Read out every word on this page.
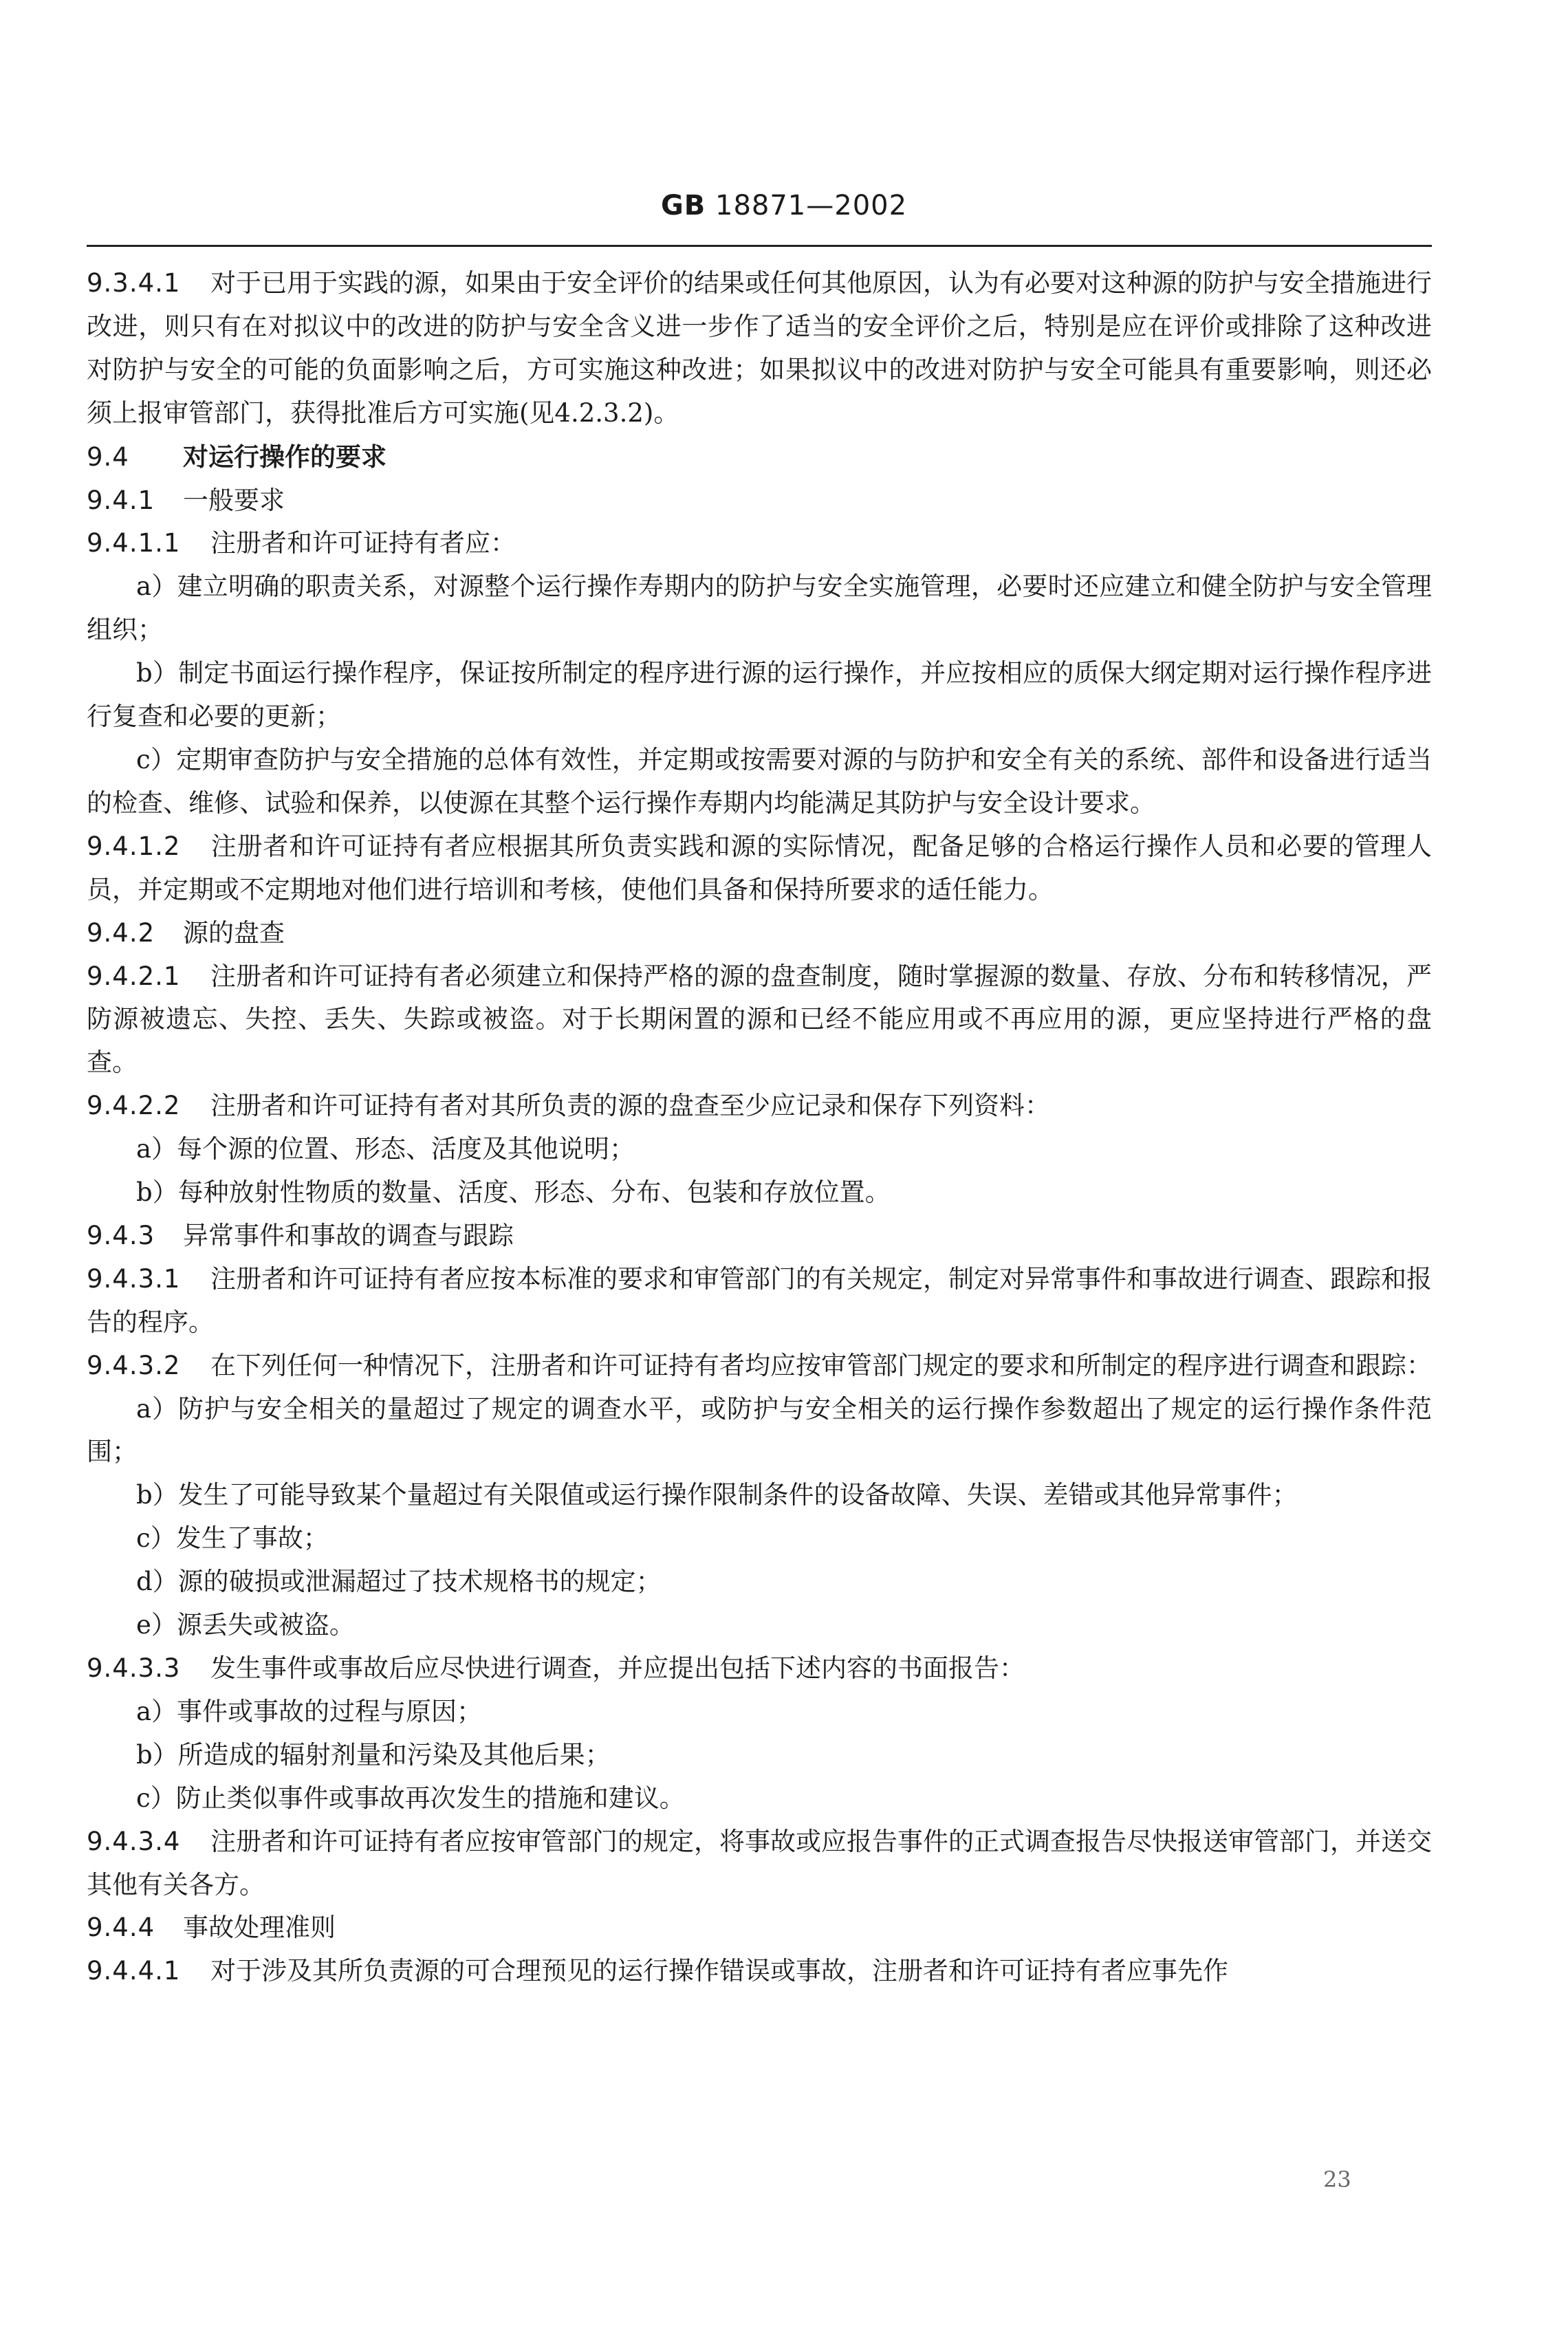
GB 18871—2002

9.3.4.1 对于已用于实践的源，如果由于安全评价的结果或任何其他原因，认为有必要对这种源的防护与安全措施进行改进，则只有在对拟议中的改进的防护与安全含义进一步作了适当的安全评价之后，特别是应在评价或排除了这种改进对防护与安全的可能的负面影响之后，方可实施这种改进；如果拟议中的改进对防护与安全可能具有重要影响，则还必须上报审管部门，获得批准后方可实施(见4.2.3.2)。

9.4 对运行操作的要求

9.4.1 一般要求

9.4.1.1 注册者和许可证持有者应：

a）建立明确的职责关系，对源整个运行操作寿期内的防护与安全实施管理，必要时还应建立和健全防护与安全管理组织；

b）制定书面运行操作程序，保证按所制定的程序进行源的运行操作，并应按相应的质保大纲定期对运行操作程序进行复查和必要的更新；

c）定期审查防护与安全措施的总体有效性，并定期或按需要对源的与防护和安全有关的系统、部件和设备进行适当的检查、维修、试验和保养，以使源在其整个运行操作寿期内均能满足其防护与安全设计要求。

9.4.1.2 注册者和许可证持有者应根据其所负责实践和源的实际情况，配备足够的合格运行操作人员和必要的管理人员，并定期或不定期地对他们进行培训和考核，使他们具备和保持所要求的适任能力。

9.4.2 源的盘查

9.4.2.1 注册者和许可证持有者必须建立和保持严格的源的盘查制度，随时掌握源的数量、存放、分布和转移情况，严防源被遗忘、失控、丢失、失踪或被盗。对于长期闲置的源和已经不能应用或不再应用的源，更应坚持进行严格的盘查。

9.4.2.2 注册者和许可证持有者对其所负责的源的盘查至少应记录和保存下列资料：

a）每个源的位置、形态、活度及其他说明；

b）每种放射性物质的数量、活度、形态、分布、包装和存放位置。

9.4.3 异常事件和事故的调查与跟踪

9.4.3.1 注册者和许可证持有者应按本标准的要求和审管部门的有关规定，制定对异常事件和事故进行调查、跟踪和报告的程序。

9.4.3.2 在下列任何一种情况下，注册者和许可证持有者均应按审管部门规定的要求和所制定的程序进行调查和跟踪：

a）防护与安全相关的量超过了规定的调查水平，或防护与安全相关的运行操作参数超出了规定的运行操作条件范围；

b）发生了可能导致某个量超过有关限值或运行操作限制条件的设备故障、失误、差错或其他异常事件；

c）发生了事故；

d）源的破损或泄漏超过了技术规格书的规定；

e）源丢失或被盗。

9.4.3.3 发生事件或事故后应尽快进行调查，并应提出包括下述内容的书面报告：

a）事件或事故的过程与原因；

b）所造成的辐射剂量和污染及其他后果；

c）防止类似事件或事故再次发生的措施和建议。

9.4.3.4 注册者和许可证持有者应按审管部门的规定，将事故或应报告事件的正式调查报告尽快报送审管部门，并送交其他有关各方。

9.4.4 事故处理准则

9.4.4.1 对于涉及其所负责源的可合理预见的运行操作错误或事故，注册者和许可证持有者应事先作

23
